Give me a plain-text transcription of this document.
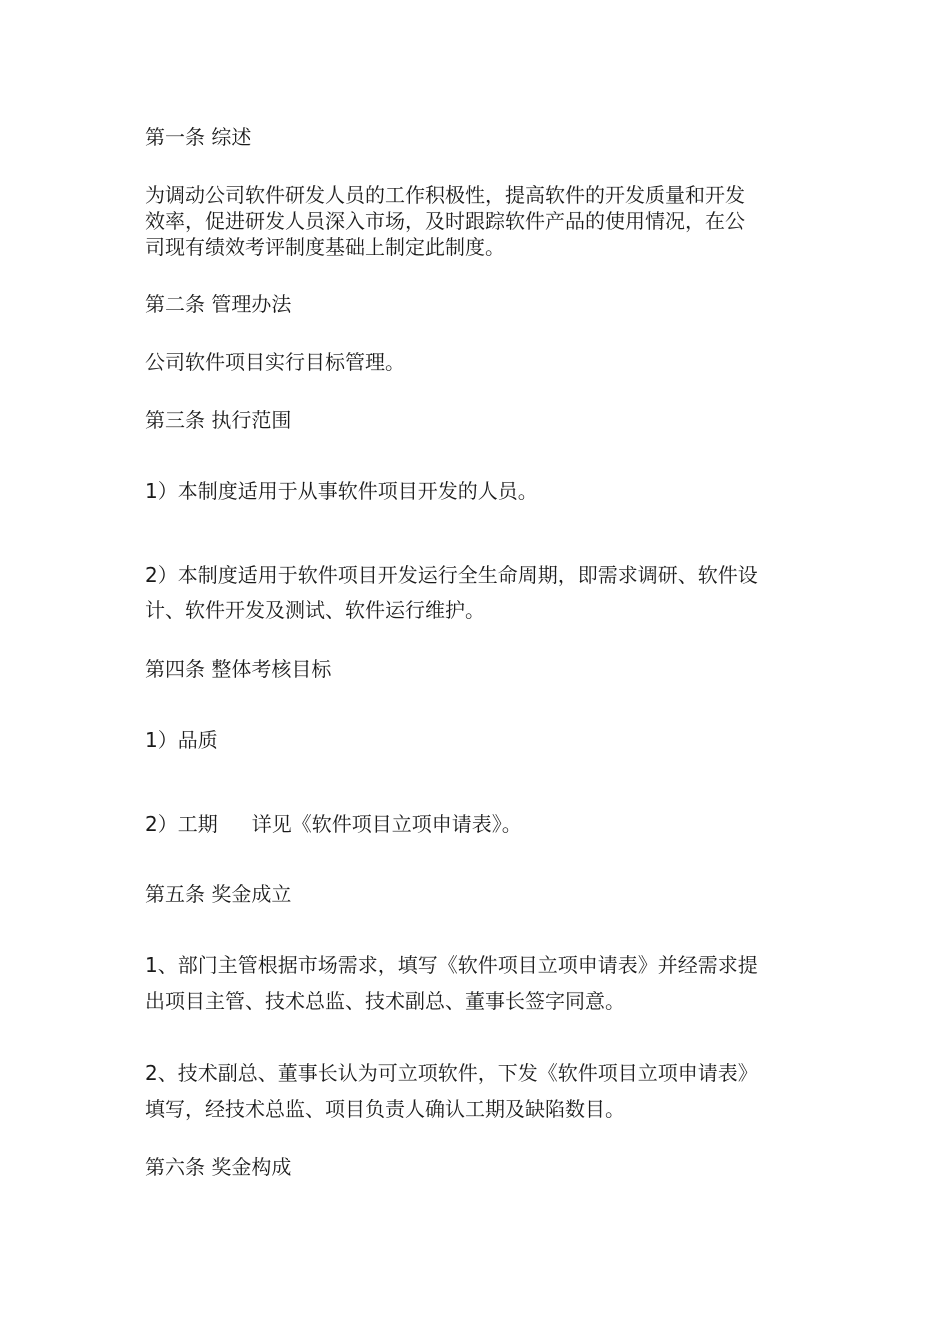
第一条 综述

为调动公司软件研发人员的工作积极性，提高软件的开发质量和开发

效率，促进研发人员深入市场，及时跟踪软件产品的使用情况，在公

司现有绩效考评制度基础上制定此制度。

第二条 管理办法

公司软件项目实行目标管理。

第三条 执行范围

1）本制度适用于从事软件项目开发的人员。

2）本制度适用于软件项目开发运行全生命周期，即需求调研、软件设

计、软件开发及测试、软件运行维护。

第四条 整体考核目标

1）品质

2）工期 详见《软件项目立项申请表》。

第五条 奖金成立

1、部门主管根据市场需求，填写《软件项目立项申请表》并经需求提

出项目主管、技术总监、技术副总、董事长签字同意。

2、技术副总、董事长认为可立项软件，下发《软件项目立项申请表》

填写，经技术总监、项目负责人确认工期及缺陷数目。

第六条 奖金构成
